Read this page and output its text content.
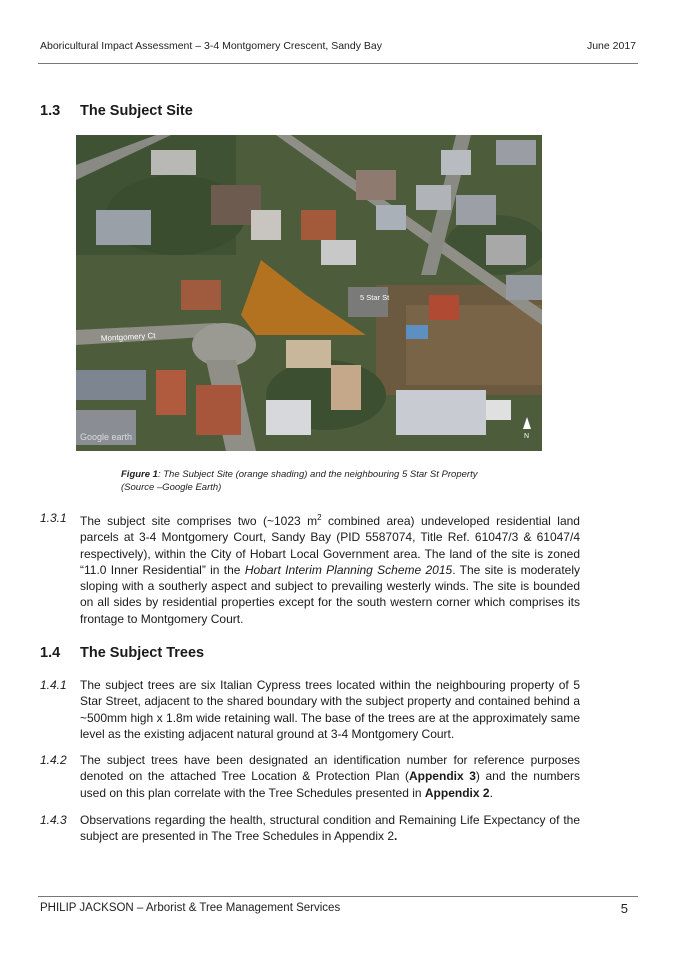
Aboricultural Impact Assessment – 3-4 Montgomery Crescent, Sandy Bay	June 2017
1.3 The Subject Site
Montgomery Ct
5 Star St
Google earth	N
Figure 1: The Subject Site (orange shading) and the neighbouring 5 Star St Property
(Source –Google Earth)
1.3.1 The subject site comprises two (~1023 $m^2$ combined area) undeveloped residential land parcels at 3-4 Montgomery Court, Sandy Bay (PID 5587074, Title Ref. 61047/3 & 61047/4 respectively), within the City of Hobart Local Government area. The land of the site is zoned “11.0 Inner Residential” in the Hobart Interim Planning Scheme 2015. The site is moderately sloping with a southerly aspect and subject to prevailing westerly winds. The site is bounded on all sides by residential properties except for the south western corner which comprises its frontage to Montgomery Court.
1.4 The Subject Trees
1.4.1 The subject trees are six Italian Cypress trees located within the neighbouring property of 5 Star Street, adjacent to the shared boundary with the subject property and contained behind a ~500mm high x 1.8m wide retaining wall. The base of the trees are at the approximately same level as the existing adjacent natural ground at 3-4 Montgomery Court.
1.4.2 The subject trees have been designated an identification number for reference purposes denoted on the attached Tree Location & Protection Plan (Appendix 3) and the numbers used on this plan correlate with the Tree Schedules presented in Appendix 2.
1.4.3 Observations regarding the health, structural condition and Remaining Life Expectancy of the subject are presented in The Tree Schedules in Appendix 2.
PHILIP JACKSON – Arborist & Tree Management Services	5
